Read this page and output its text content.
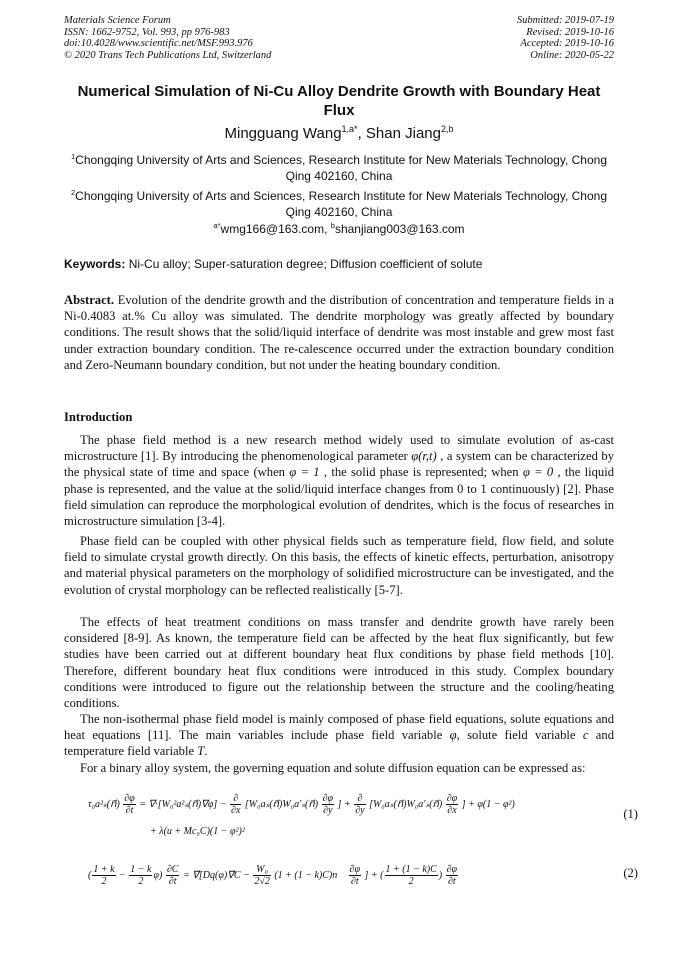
Materials Science Forum
ISSN: 1662-9752, Vol. 993, pp 976-983
doi:10.4028/www.scientific.net/MSF.993.976
© 2020 Trans Tech Publications Ltd, Switzerland
Submitted: 2019-07-19
Revised: 2019-10-16
Accepted: 2019-10-16
Online: 2020-05-22
Numerical Simulation of Ni-Cu Alloy Dendrite Growth with Boundary Heat Flux
Mingguang Wang$^{1,a*}$, Shan Jiang$^{2,b}$
$^1$Chongqing University of Arts and Sciences, Research Institute for New Materials Technology, Chong Qing 402160, China
$^2$Chongqing University of Arts and Sciences, Research Institute for New Materials Technology, Chong Qing 402160, China
$^{a*}$wmg166@163.com, $^b$shanjiang003@163.com
Keywords: Ni-Cu alloy; Super-saturation degree; Diffusion coefficient of solute
Abstract. Evolution of the dendrite growth and the distribution of concentration and temperature fields in a Ni-0.4083 at.% Cu alloy was simulated. The dendrite morphology was greatly affected by boundary conditions. The result shows that the solid/liquid interface of dendrite was most instable and grew most fast under extraction boundary condition. The re-calescence occurred under the extraction boundary condition and Zero-Neumann boundary condition, but not under the heating boundary condition.
Introduction
The phase field method is a new research method widely used to simulate evolution of as-cast microstructure [1]. By introducing the phenomenological parameter φ(r,t) , a system can be characterized by the physical state of time and space (when φ = 1 , the solid phase is represented; when φ = 0 , the liquid phase is represented, and the value at the solid/liquid interface changes from 0 to 1 continuously) [2]. Phase field simulation can reproduce the morphological evolution of dendrites, which is the focus of researches in microstructure simulation [3-4].
Phase field can be coupled with other physical fields such as temperature field, flow field, and solute field to simulate crystal growth directly. On this basis, the effects of kinetic effects, perturbation, anisotropy and material physical parameters on the morphology of solidified microstructure can be investigated, and the evolution of crystal morphology can be reflected realistically [5-7].
The effects of heat treatment conditions on mass transfer and dendrite growth have rarely been considered [8-9]. As known, the temperature field can be affected by the heat flux significantly, but few studies have been carried out at different boundary heat flux conditions by phase field methods [10]. Therefore, different boundary heat flux conditions were introduced in this study. Complex boundary conditions were introduced to figure out the relationship between the structure and the cooling/heating conditions.
The non-isothermal phase field model is mainly composed of phase field equations, solute equations and heat equations [11]. The main variables include phase field variable φ, solute field variable c and temperature field variable T.
For a binary alloy system, the governing equation and solute diffusion equation can be expressed as:
τ₀a²ₛ(n⃗) $\frac{\partial\varphi}{\partial t}$ = ∇·[W₀²a²ₛ(n⃗)∇φ] − $\frac{\partial}{\partial x}$ [W₀aₛ(n⃗)W₀a′ₛ(n⃗) $\frac{\partial\varphi}{\partial y}$ ] + $\frac{\partial}{\partial y}$ [W₀aₛ(n⃗)W₀a′ₛ(n⃗) $\frac{\partial\varphi}{\partial x}$ ] + φ(1 − φ²)
(1)
+ λ(u + Mc₀C)(1 − φ²)²
( $\frac{1 + k}{2} - \frac{1 - k}{2} \varphi) \frac{\partial C}{\partial t}$ = ∇⃗[Dq(φ)∇⃗C − $\frac{\text{W₀}}{2√2} (1 + (1$ − k)C)n⃗ $\frac{\partial\varphi}{\partial t}$ ] + ( $\frac{1 + (1 - k)C}{2}$ ) $\frac{\partial\varphi}{\partial t}$	(2)
